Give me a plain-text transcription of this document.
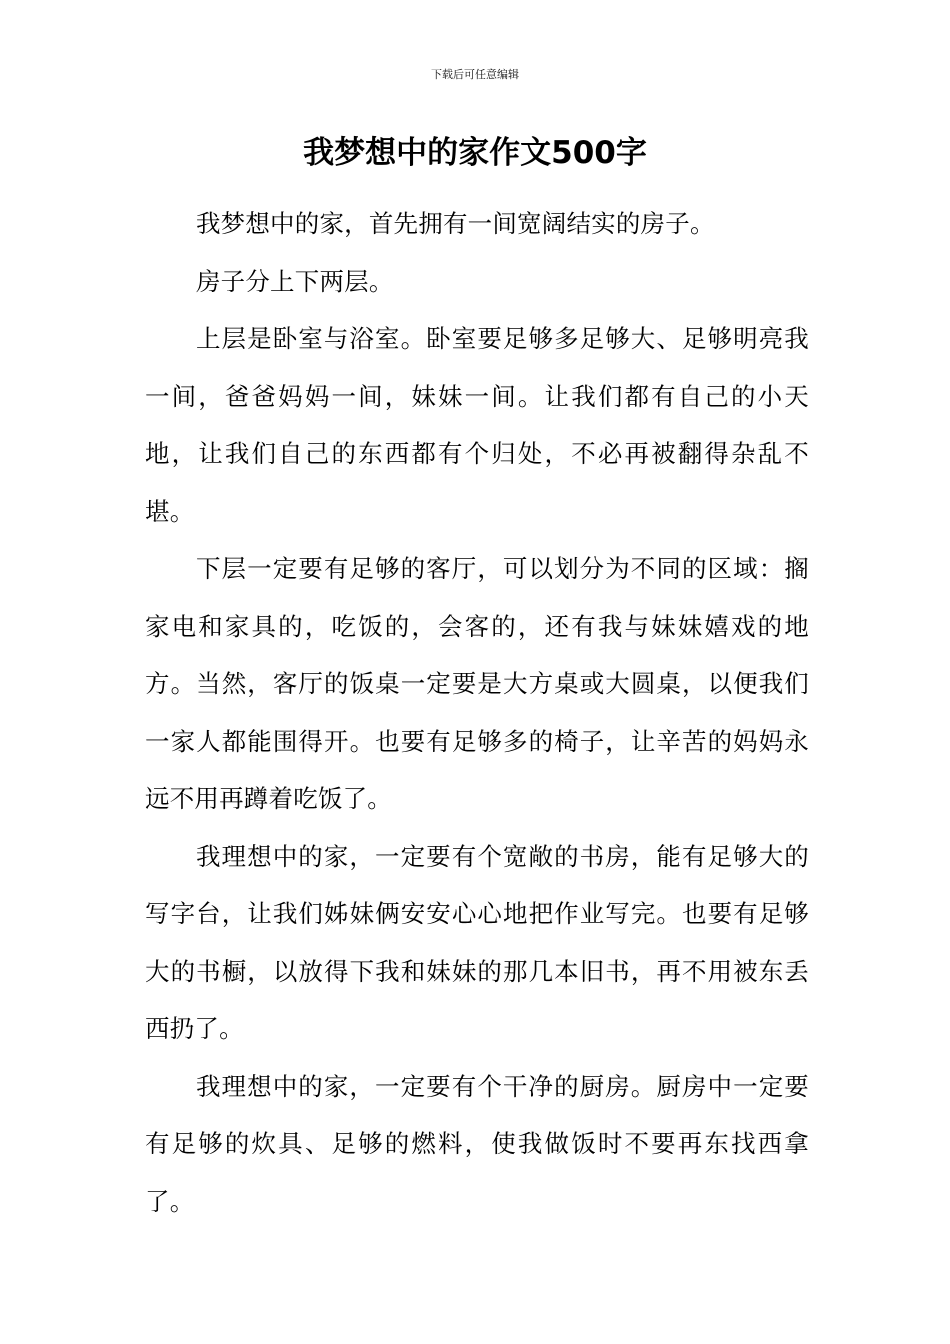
下载后可任意编辑
我梦想中的家作文500字

我梦想中的家，首先拥有一间宽阔结实的房子。

房子分上下两层。

上层是卧室与浴室。卧室要足够多足够大、足够明亮我一间，爸爸妈妈一间，妹妹一间。让我们都有自己的小天地，让我们自己的东西都有个归处，不必再被翻得杂乱不堪。

下层一定要有足够的客厅，可以划分为不同的区域：搁家电和家具的，吃饭的，会客的，还有我与妹妹嬉戏的地方。当然，客厅的饭桌一定要是大方桌或大圆桌，以便我们一家人都能围得开。也要有足够多的椅子，让辛苦的妈妈永远不用再蹲着吃饭了。

我理想中的家，一定要有个宽敞的书房，能有足够大的写字台，让我们姊妹俩安安心心地把作业写完。也要有足够大的书橱，以放得下我和妹妹的那几本旧书，再不用被东丢西扔了。

我理想中的家，一定要有个干净的厨房。厨房中一定要有足够的炊具、足够的燃料，使我做饭时不要再东找西拿了。
